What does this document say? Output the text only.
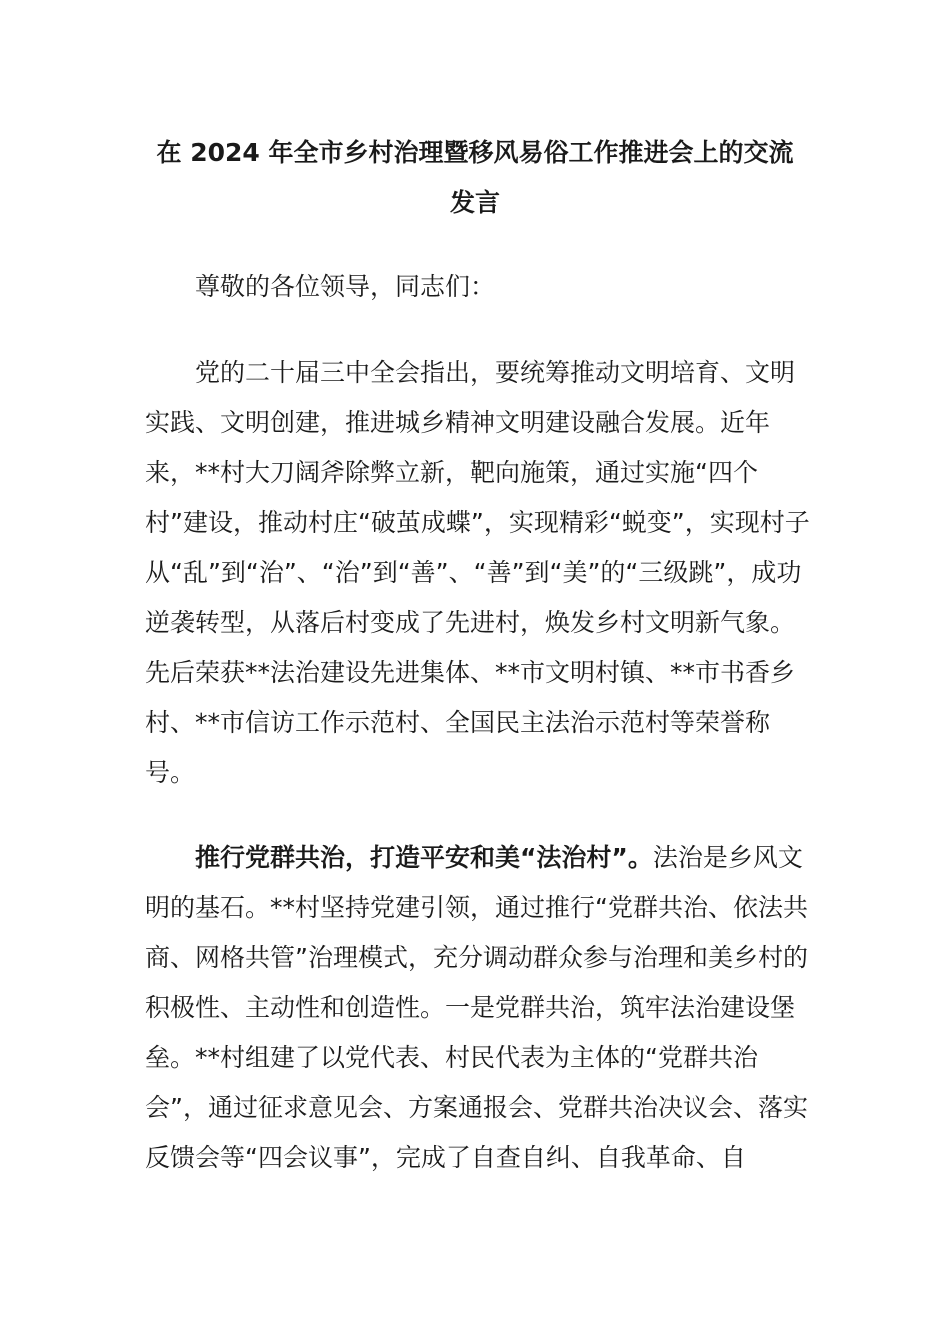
在 2024 年全市乡村治理暨移风易俗工作推进会上的交流发言

尊敬的各位领导，同志们：

党的二十届三中全会指出，要统筹推动文明培育、文明实践、文明创建，推进城乡精神文明建设融合发展。近年来，**村大刀阔斧除弊立新，靶向施策，通过实施“四个村”建设，推动村庄“破茧成蝶”，实现精彩“蜕变”，实现村子从“乱”到“治”、“治”到“善”、“善”到“美”的“三级跳”，成功逆袭转型，从落后村变成了先进村，焕发乡村文明新气象。先后荣获**法治建设先进集体、**市文明村镇、**市书香乡村、**市信访工作示范村、全国民主法治示范村等荣誉称号。

推行党群共治，打造平安和美“法治村”。法治是乡风文明的基石。**村坚持党建引领，通过推行“党群共治、依法共商、网格共管”治理模式，充分调动群众参与治理和美乡村的积极性、主动性和创造性。一是党群共治，筑牢法治建设堡垒。**村组建了以党代表、村民代表为主体的“党群共治会”，通过征求意见会、方案通报会、党群共治决议会、落实反馈会等“四会议事”，完成了自查自纠、自我革命、自
